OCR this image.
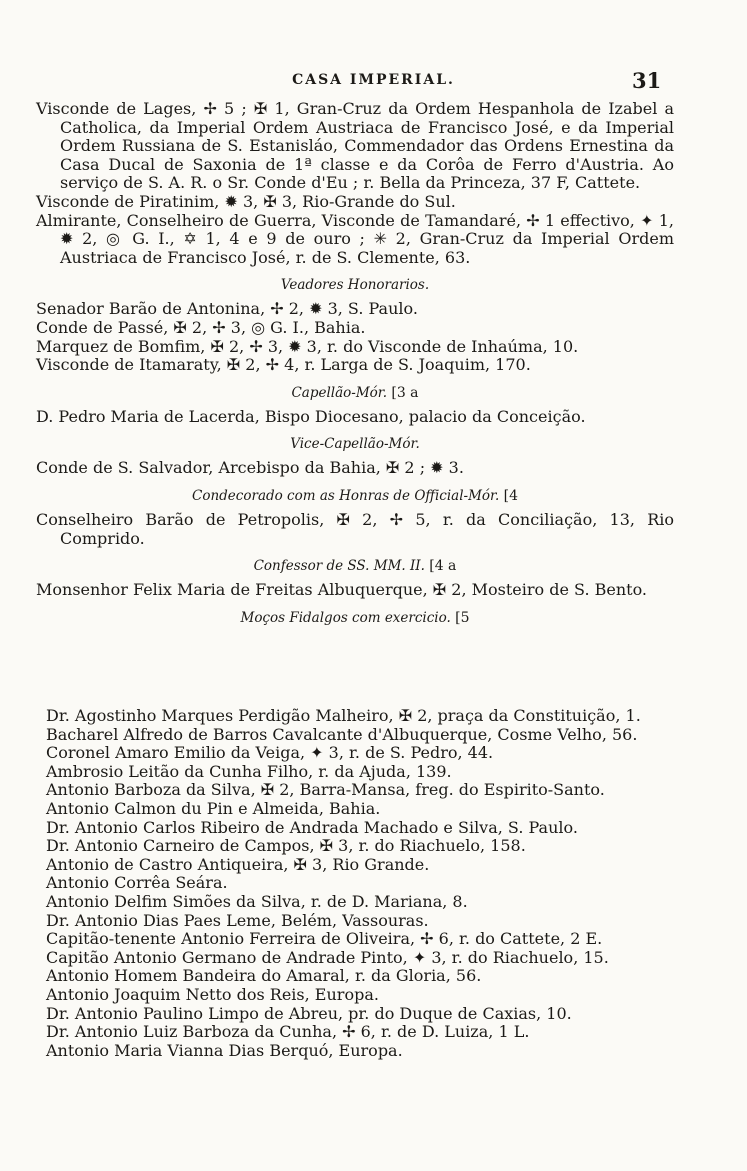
CASA IMPERIAL.	31

Visconde de Lages, ✢ 5 ; ✠ 1, Gran-Cruz da Ordem Hespanhola de Izabel a Catholica, da Imperial Ordem Austriaca de Francisco José, e da Imperial Ordem Russiana de S. Estanisláo, Commendador das Ordens Ernestina da Casa Ducal de Saxonia de 1ª classe e da Corôa de Ferro d'Austria. Ao serviço de S. A. R. o Sr. Conde d'Eu ; r. Bella da Princeza, 37 F, Cattete.

Visconde de Piratinim, ✹ 3, ✠ 3, Rio-Grande do Sul.

Almirante, Conselheiro de Guerra, Visconde de Tamandaré, ✢ 1 effectivo, ✦ 1, ✹ 2, ◎ G. I., ✡ 1, 4 e 9 de ouro ; ✳ 2, Gran-Cruz da Imperial Ordem Austriaca de Francisco José, r. de S. Clemente, 63.

Veadores Honorarios.

Senador Barão de Antonina, ✢ 2, ✹ 3, S. Paulo.

Conde de Passé, ✠ 2, ✢ 3, ◎ G. I., Bahia.

Marquez de Bomfim, ✠ 2, ✢ 3, ✹ 3, r. do Visconde de Inhaúma, 10.

Visconde de Itamaraty, ✠ 2, ✢ 4, r. Larga de S. Joaquim, 170.

Capellão-Mór. [3 a

D. Pedro Maria de Lacerda, Bispo Diocesano, palacio da Conceição.

Vice-Capellão-Mór.

Conde de S. Salvador, Arcebispo da Bahia, ✠ 2 ; ✹ 3.

Condecorado com as Honras de Official-Mór. [4

Conselheiro Barão de Petropolis, ✠ 2, ✢ 5, r. da Conciliação, 13, Rio Comprido.

Confessor de SS. MM. II. [4 a

Monsenhor Felix Maria de Freitas Albuquerque, ✠ 2, Mosteiro de S. Bento.

Moços Fidalgos com exercicio. [5

Dr. Agostinho Marques Perdigão Malheiro, ✠ 2, praça da Constituição, 1.

Bacharel Alfredo de Barros Cavalcante d'Albuquerque, Cosme Velho, 56.

Coronel Amaro Emilio da Veiga, ✦ 3, r. de S. Pedro, 44.

Ambrosio Leitão da Cunha Filho, r. da Ajuda, 139.

Antonio Barboza da Silva, ✠ 2, Barra-Mansa, freg. do Espirito-Santo.

Antonio Calmon du Pin e Almeida, Bahia.

Dr. Antonio Carlos Ribeiro de Andrada Machado e Silva, S. Paulo.

Dr. Antonio Carneiro de Campos, ✠ 3, r. do Riachuelo, 158.

Antonio de Castro Antiqueira, ✠ 3, Rio Grande.

Antonio Corrêa Seára.

Antonio Delfim Simões da Silva, r. de D. Mariana, 8.

Dr. Antonio Dias Paes Leme, Belém, Vassouras.

Capitão-tenente Antonio Ferreira de Oliveira, ✢ 6, r. do Cattete, 2 E.

Capitão Antonio Germano de Andrade Pinto, ✦ 3, r. do Riachuelo, 15.

Antonio Homem Bandeira do Amaral, r. da Gloria, 56.

Antonio Joaquim Netto dos Reis, Europa.

Dr. Antonio Paulino Limpo de Abreu, pr. do Duque de Caxias, 10.

Dr. Antonio Luiz Barboza da Cunha, ✢ 6, r. de D. Luiza, 1 L.

Antonio Maria Vianna Dias Berquó, Europa.
